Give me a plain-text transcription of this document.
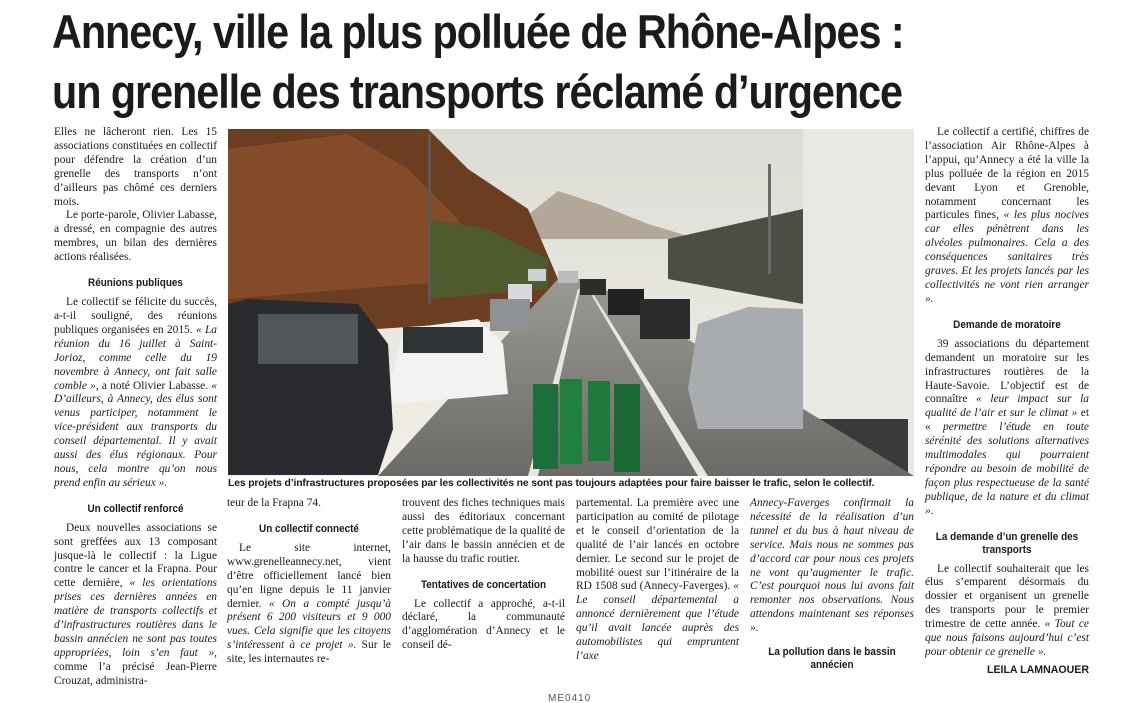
Annecy, ville la plus polluée de Rhône-Alpes :
un grenelle des transports réclamé d’urgence

Elles ne lâcheront rien. Les 15 associations constituées en collectif pour défendre la création d’un grenelle des transports n’ont d’ailleurs pas chômé ces derniers mois.

Le porte-parole, Olivier Labasse, a dressé, en compagnie des autres membres, un bilan des dernières actions réalisées.

Réunions publiques

Le collectif se félicite du succès, a-t-il souligné, des réunions publiques organisées en 2015. « La réunion du 16 juillet à Saint-Jorioz, comme celle du 19 novembre à Annecy, ont fait salle comble », a noté Olivier Labasse. « D’ailleurs, à Annecy, des élus sont venus participer, notamment le vice-président aux transports du conseil départemental. Il y avait aussi des élus régionaux. Pour nous, cela montre qu’on nous prend enfin au sérieux ».

Un collectif renforcé

Deux nouvelles associations se sont greffées aux 13 composant jusque-là le collectif : la Ligue contre le cancer et la Frapna. Pour cette dernière, « les orientations prises ces dernières années en matière de transports collectifs et d’infrastructures routières dans le bassin annécien ne sont pas toutes appropriées, loin s’en faut », comme l’a précisé Jean-Pierre Crouzat, administra-

Les projets d’infrastructures proposées par les collectivités ne sont pas toujours adaptées pour faire baisser le trafic, selon le collectif.

teur de la Frapna 74.

Un collectif connecté

Le site internet, www.grenelleannecy.net, vient d’être officiellement lancé bien qu’en ligne depuis le 11 janvier dernier. « On a compté jusqu’à présent 6 200 visiteurs et 9 000 vues. Cela signifie que les citoyens s’intéressent à ce projet ». Sur le site, les internautes re-

trouvent des fiches techniques mais aussi des éditoriaux concernant cette problématique de la qualité de l’air dans le bassin annécien et de la hausse du trafic routier.

Tentatives de concertation

Le collectif a approché, a-t-il déclaré, la communauté d’agglomération d’Annecy et le conseil dé-

partemental. La première avec une participation au comité de pilotage et le conseil d’orientation de la qualité de l’air lancés en octobre dernier. Le second sur le projet de mobilité ouest sur l’itinéraire de la RD 1508 sud (Annecy-Faverges). « Le conseil départemental a annoncé dernièrement que l’étude qu’il avait lancée auprès des automobilistes qui empruntent l’axe

Annecy-Faverges confirmait la nécessité de la réalisation d’un tunnel et du bus à haut niveau de service. Mais nous ne sommes pas d’accord car pour nous ces projets ne vont qu’augmenter le trafic. C’est pourquoi nous lui avons fait remonter nos observations. Nous attendons maintenant ses réponses ».

La pollution dans le bassin annécien

Le collectif a certifié, chiffres de l’association Air Rhône-Alpes à l’appui, qu’Annecy a été la ville la plus polluée de la région en 2015 devant Lyon et Grenoble, notamment concernant les particules fines, « les plus nocives car elles pénètrent dans les alvéoles pulmonaires. Cela a des conséquences sanitaires très graves. Et les projets lancés par les collectivités ne vont rien arranger ».

Demande de moratoire

39 associations du département demandent un moratoire sur les infrastructures routières de la Haute-Savoie. L’objectif est de connaître « leur impact sur la qualité de l’air et sur le climat » et « permettre l’étude en toute sérénité des solutions alternatives multimodales qui pourraient répondre au besoin de mobilité de façon plus respectueuse de la santé publique, de la nature et du climat ».

La demande d’un grenelle des transports

Le collectif souhaiterait que les élus s’emparent désormais du dossier et organisent un grenelle des transports pour le premier trimestre de cette année. « Tout ce que nous faisons aujourd’hui c’est pour obtenir ce grenelle ».

LEILA LAMNAOUER
ME0410
